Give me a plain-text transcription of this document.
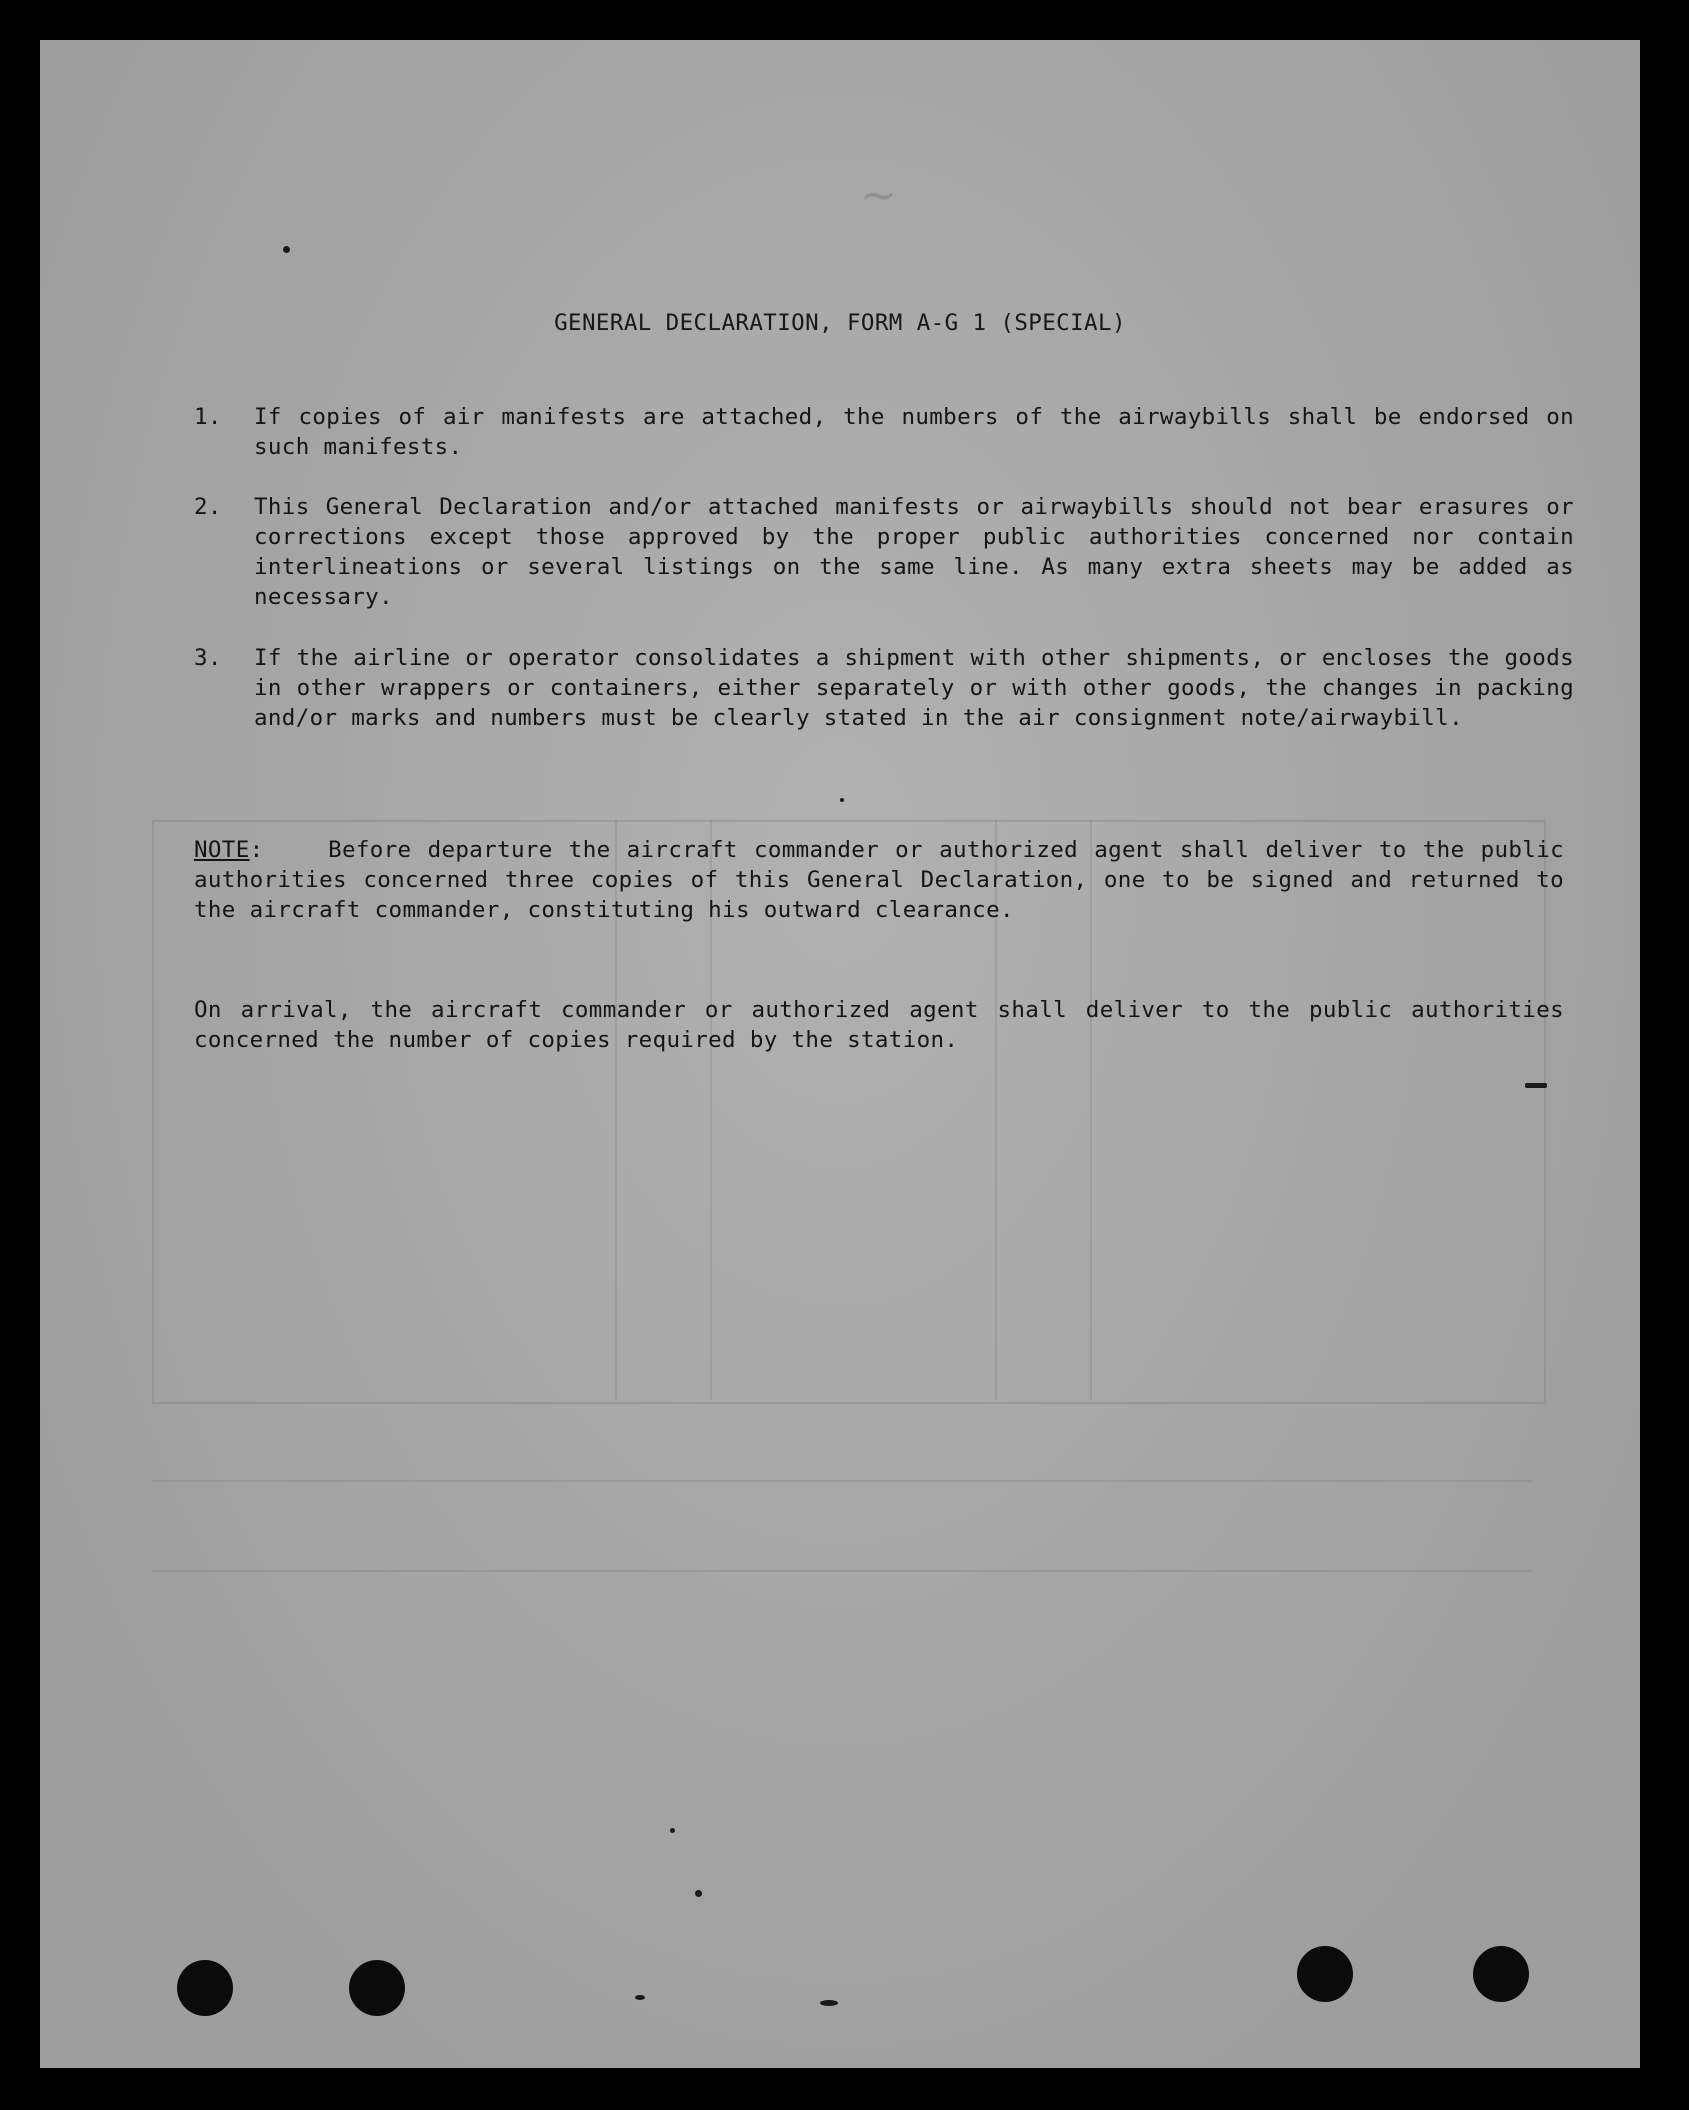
~
GENERAL DECLARATION, FORM A-G 1 (SPECIAL)
1.	If copies of air manifests are attached, the numbers of the airwaybills shall be endorsed on such manifests.
2.	This General Declaration and/or attached manifests or airwaybills should not bear erasures or corrections except those approved by the proper public authorities concerned nor contain interlineations or several listings on the same line. As many extra sheets may be added as necessary.
3.	If the airline or operator consolidates a shipment with other shipments, or encloses the goods in other wrappers or containers, either separately or with other goods, the changes in packing and/or marks and numbers must be clearly stated in the air consignment note/airwaybill.
NOTE:	Before departure the aircraft commander or authorized agent shall deliver to the public authorities concerned three copies of this General Declaration, one to be signed and returned to the aircraft commander, constituting his outward clearance.
On arrival, the aircraft commander or authorized agent shall deliver to the public authorities concerned the number of copies required by the station.
